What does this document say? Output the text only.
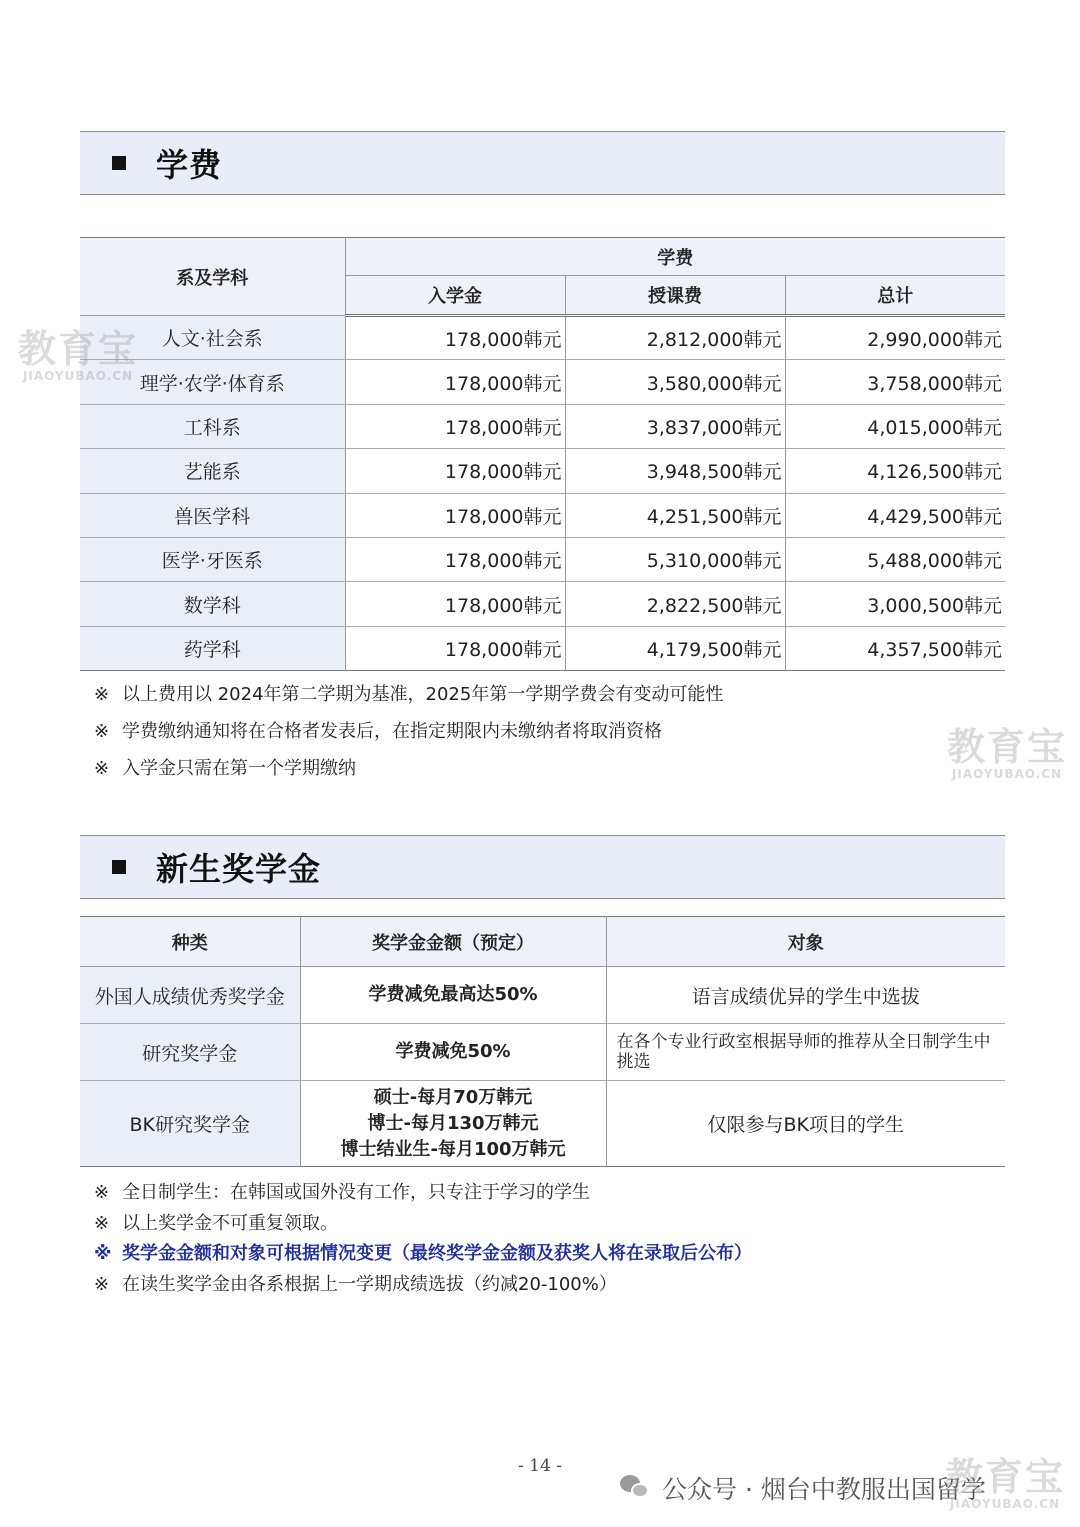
学费
系及学科	学费		
	入学金	授课费	总计
人文·社会系	178,000韩元	2,812,000韩元	2,990,000韩元
理学·农学·体育系	178,000韩元	3,580,000韩元	3,758,000韩元
工科系	178,000韩元	3,837,000韩元	4,015,000韩元
艺能系	178,000韩元	3,948,500韩元	4,126,500韩元
兽医学科	178,000韩元	4,251,500韩元	4,429,500韩元
医学·牙医系	178,000韩元	5,310,000韩元	5,488,000韩元
数学科	178,000韩元	2,822,500韩元	3,000,500韩元
药学科	178,000韩元	4,179,500韩元	4,357,500韩元
※ 以上费用以 2024年第二学期为基准，2025年第一学期学费会有变动可能性
※ 学费缴纳通知将在合格者发表后，在指定期限内未缴纳者将取消资格
※ 入学金只需在第一个学期缴纳
新生奖学金
种类	奖学金金额（预定）	对象
外国人成绩优秀奖学金	学费减免最高达50%	语言成绩优异的学生中选拔
研究奖学金	学费减免50%	在各个专业行政室根据导师的推荐从全日制学生中挑选
BK研究奖学金	硕士-每月70万韩元
博士-每月130万韩元
博士结业生-每月100万韩元	仅限参与BK项目的学生
※ 全日制学生：在韩国或国外没有工作，只专注于学习的学生
※ 以上奖学金不可重复领取。
※ 奖学金金额和对象可根据情况变更（最终奖学金金额及获奖人将在录取后公布）
※ 在读生奖学金由各系根据上一学期成绩选拔（约减20-100%）
- 14 -
公众号 · 烟台中教服出国留学
教育宝
JIAOYUBAO.CN
教育宝
JIAOYUBAO.CN
教育宝
JIAOYUBAO.CN
